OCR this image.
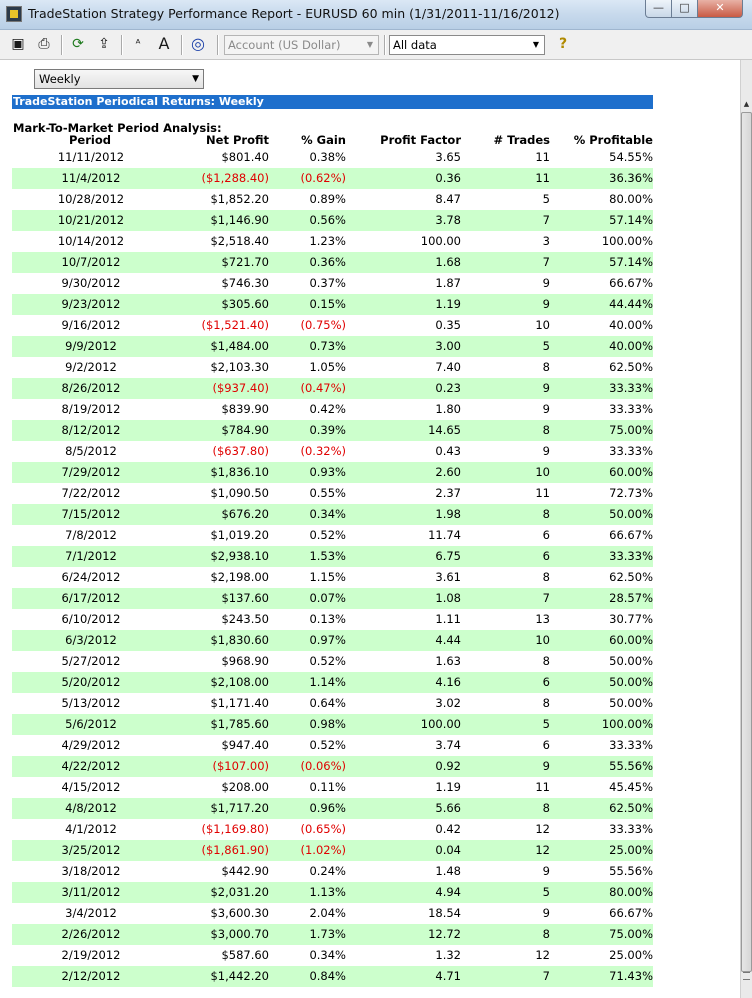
TradeStation Strategy Performance Report - EURUSD 60 min (1/31/2011-11/16/2012)	—	□	✕
▣ ⎙	⟳ ⇪	ᴬ	A ◎	Account (US Dollar)	▼	All data	▼	?
Weekly	▼
TradeStation Periodical Returns: Weekly
Mark-To-Market Period Analysis:
Period	Net Profit	% Gain	Profit Factor	# Trades	% Profitable
11/11/2012	$801.40	0.38%	3.65	11	54.55%
11/4/2012	($1,288.40)	(0.62%)	0.36	11	36.36%
10/28/2012	$1,852.20	0.89%	8.47	5	80.00%
10/21/2012	$1,146.90	0.56%	3.78	7	57.14%
10/14/2012	$2,518.40	1.23%	100.00	3	100.00%
10/7/2012	$721.70	0.36%	1.68	7	57.14%
9/30/2012	$746.30	0.37%	1.87	9	66.67%
9/23/2012	$305.60	0.15%	1.19	9	44.44%
9/16/2012	($1,521.40)	(0.75%)	0.35	10	40.00%
9/9/2012	$1,484.00	0.73%	3.00	5	40.00%
9/2/2012	$2,103.30	1.05%	7.40	8	62.50%
8/26/2012	($937.40)	(0.47%)	0.23	9	33.33%
8/19/2012	$839.90	0.42%	1.80	9	33.33%
8/12/2012	$784.90	0.39%	14.65	8	75.00%
8/5/2012	($637.80)	(0.32%)	0.43	9	33.33%
7/29/2012	$1,836.10	0.93%	2.60	10	60.00%
7/22/2012	$1,090.50	0.55%	2.37	11	72.73%
7/15/2012	$676.20	0.34%	1.98	8	50.00%
7/8/2012	$1,019.20	0.52%	11.74	6	66.67%
7/1/2012	$2,938.10	1.53%	6.75	6	33.33%
6/24/2012	$2,198.00	1.15%	3.61	8	62.50%
6/17/2012	$137.60	0.07%	1.08	7	28.57%
6/10/2012	$243.50	0.13%	1.11	13	30.77%
6/3/2012	$1,830.60	0.97%	4.44	10	60.00%
5/27/2012	$968.90	0.52%	1.63	8	50.00%
5/20/2012	$2,108.00	1.14%	4.16	6	50.00%
5/13/2012	$1,171.40	0.64%	3.02	8	50.00%
5/6/2012	$1,785.60	0.98%	100.00	5	100.00%
4/29/2012	$947.40	0.52%	3.74	6	33.33%
4/22/2012	($107.00)	(0.06%)	0.92	9	55.56%
4/15/2012	$208.00	0.11%	1.19	11	45.45%
4/8/2012	$1,717.20	0.96%	5.66	8	62.50%
4/1/2012	($1,169.80)	(0.65%)	0.42	12	33.33%
3/25/2012	($1,861.90)	(1.02%)	0.04	12	25.00%
3/18/2012	$442.90	0.24%	1.48	9	55.56%
3/11/2012	$2,031.20	1.13%	4.94	5	80.00%
3/4/2012	$3,600.30	2.04%	18.54	9	66.67%
2/26/2012	$3,000.70	1.73%	12.72	8	75.00%
2/19/2012	$587.60	0.34%	1.32	12	25.00%
2/12/2012	$1,442.20	0.84%	4.71	7	71.43%
▲
